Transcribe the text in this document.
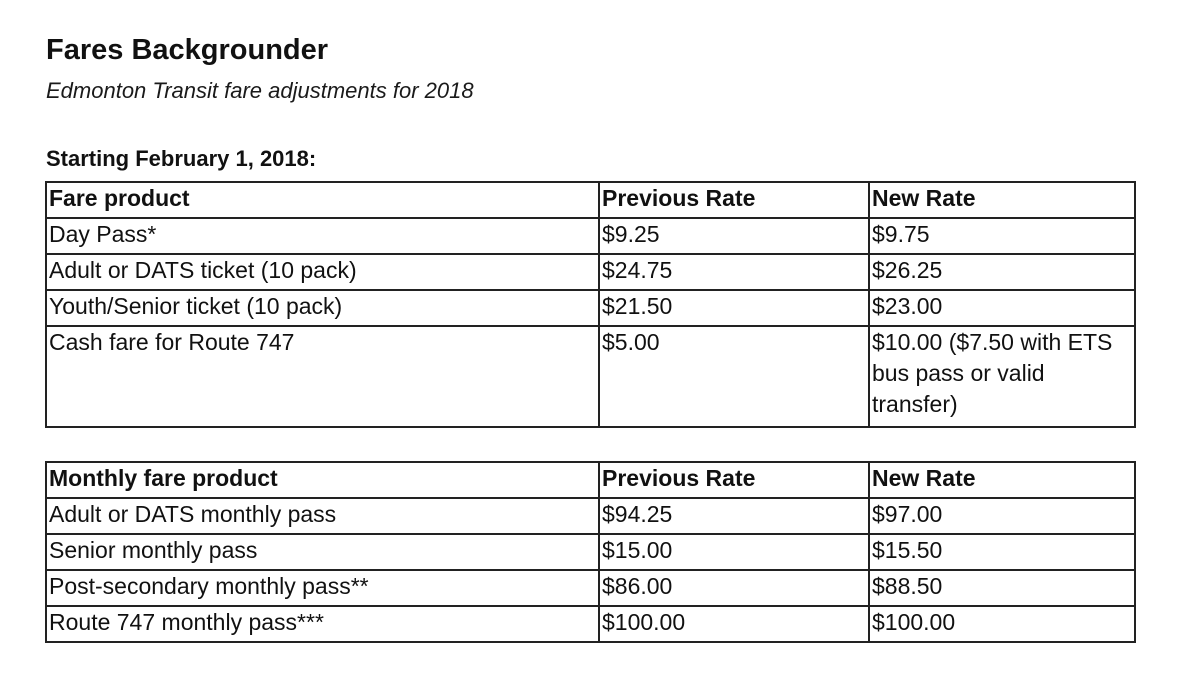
Fares Backgrounder

Edmonton Transit fare adjustments for 2018

Starting February 1, 2018:

Fare product	Previous Rate	New Rate
Day Pass*	$9.25	$9.75
Adult or DATS ticket (10 pack)	$24.75	$26.25
Youth/Senior ticket (10 pack)	$21.50	$23.00
Cash fare for Route 747	$5.00	$10.00 ($7.50 with ETS bus pass or valid transfer)
Monthly fare product	Previous Rate	New Rate
Adult or DATS monthly pass	$94.25	$97.00
Senior monthly pass	$15.00	$15.50
Post-secondary monthly pass**	$86.00	$88.50
Route 747 monthly pass***	$100.00	$100.00
